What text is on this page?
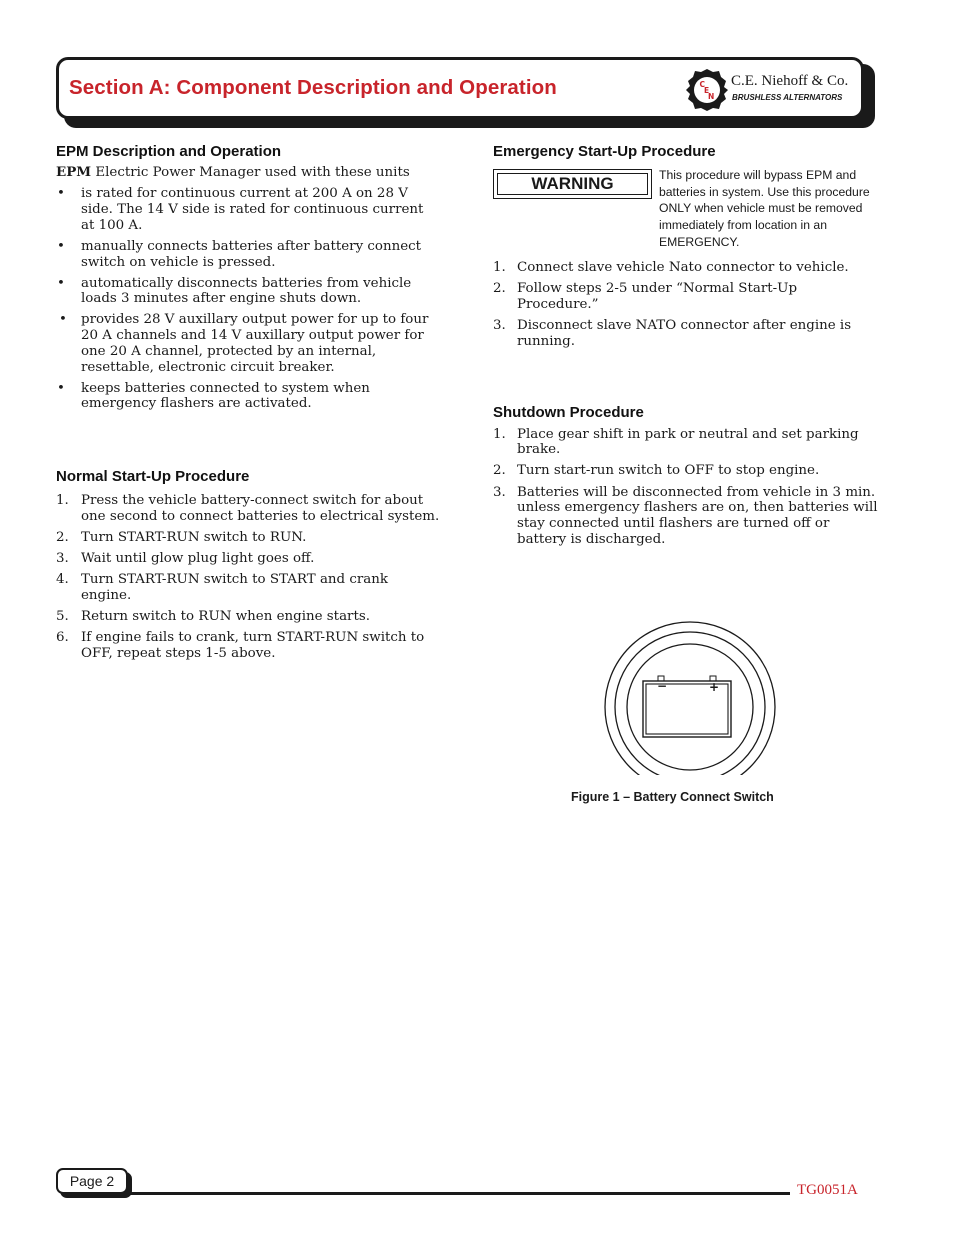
Section A: Component Description and Operation	C
E
N
C.E. Niehoff & Co.
BRUSHLESS ALTERNATORS
EPM Description and Operation
EPM Electric Power Manager used with these units
• is rated for continuous current at 200 A on 28 V side. The 14 V side is rated for continuous current at 100 A.
• manually connects batteries after battery connect switch on vehicle is pressed.
• automatically disconnects batteries from vehicle loads 3 minutes after engine shuts down.
• provides 28 V auxillary output power for up to four 20 A channels and 14 V auxillary output power for one 20 A channel, protected by an internal, resettable, electronic circuit breaker.
• keeps batteries connected to system when emergency flashers are activated.
Normal Start-Up Procedure
1. Press the vehicle battery-connect switch for about one second to connect batteries to electrical system.
2. Turn START-RUN switch to RUN.
3. Wait until glow plug light goes off.
4. Turn START-RUN switch to START and crank engine.
5. Return switch to RUN when engine starts.
6. If engine fails to crank, turn START-RUN switch to OFF, repeat steps 1-5 above.
Emergency Start-Up Procedure
WARNING	This procedure will bypass EPM and batteries in system. Use this procedure ONLY when vehicle must be removed immediately from location in an EMERGENCY.
1. Connect slave vehicle Nato connector to vehicle.
2. Follow steps 2-5 under “Normal Start-Up Procedure.”
3. Disconnect slave NATO connector after engine is running.
Shutdown Procedure
1. Place gear shift in park or neutral and set parking brake.
2. Turn start-run switch to OFF to stop engine.
3. Batteries will be disconnected from vehicle in 3 min. unless emergency flashers are on, then batteries will stay connected until flashers are turned off or battery is discharged.
−	+
Figure 1 – Battery Connect Switch
Page 2
TG0051A
